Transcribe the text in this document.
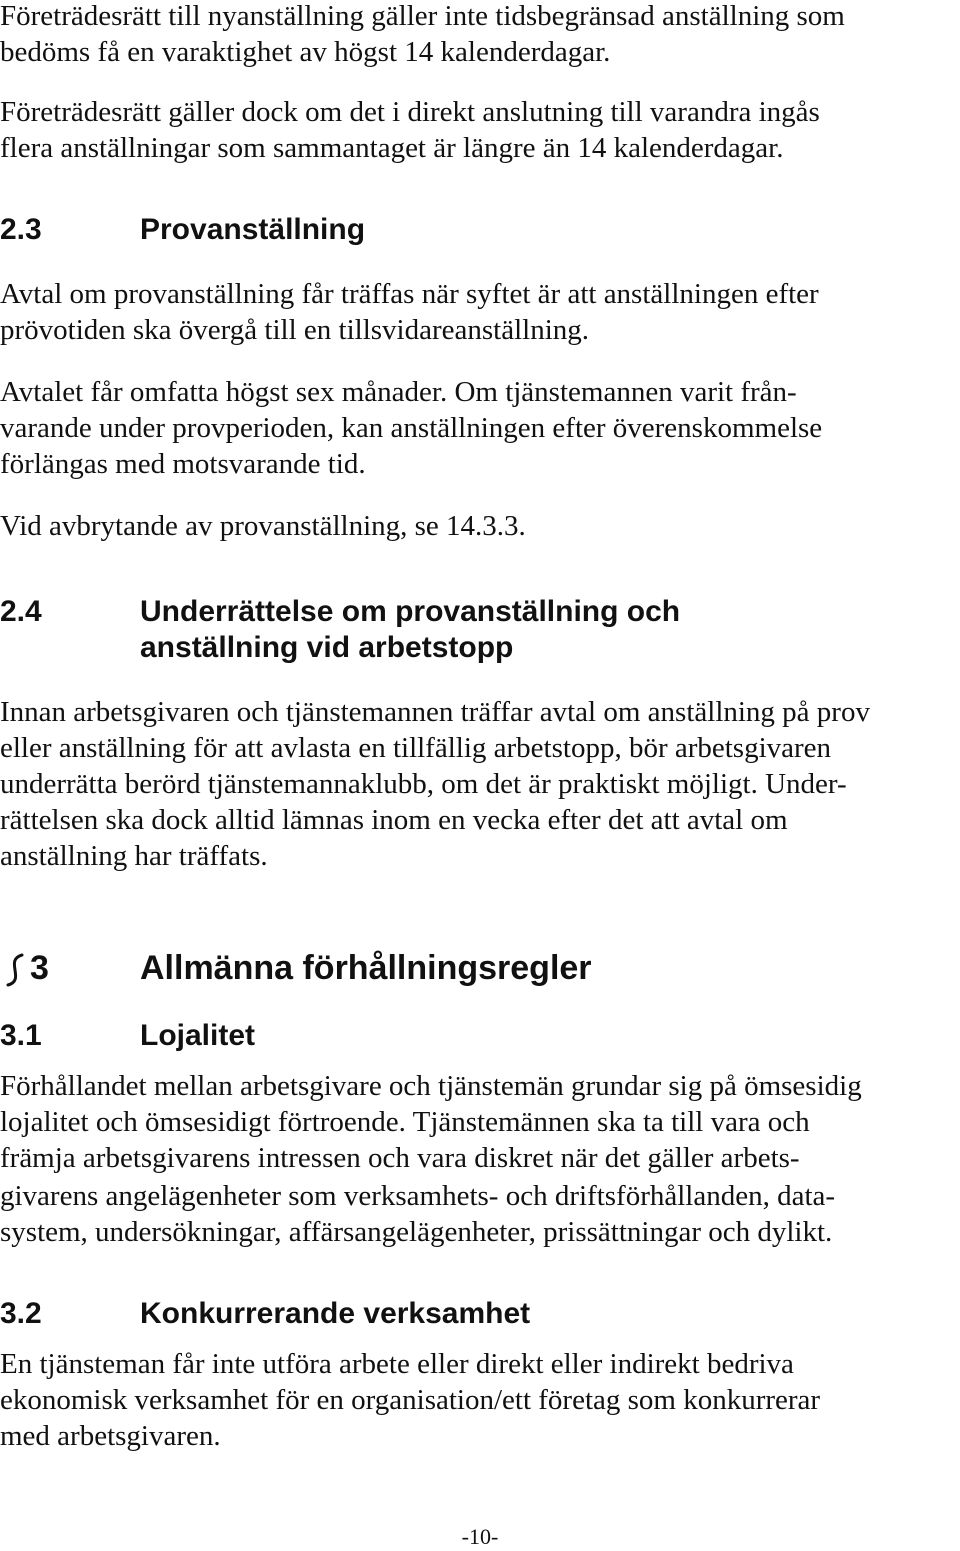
Företrädesrätt till nyanställning gäller inte tidsbegränsad anställning som
bedöms få en varaktighet av högst 14 kalenderdagar.
Företrädesrätt gäller dock om det i direkt anslutning till varandra ingås
flera anställningar som sammantaget är längre än 14 kalenderdagar.
2.3	Provanställning
Avtal om provanställning får träffas när syftet är att anställningen efter
prövotiden ska övergå till en tillsvidareanställning.
Avtalet får omfatta högst sex månader. Om tjänstemannen varit från-
varande under provperioden, kan anställningen efter överenskommelse
förlängas med motsvarande tid.
Vid avbrytande av provanställning, se 14.3.3.
2.4	Underrättelse om provanställning och
anställning vid arbetstopp
Innan arbetsgivaren och tjänstemannen träffar avtal om anställning på prov
eller anställning för att avlasta en tillfällig arbetstopp, bör arbetsgivaren
underrätta berörd tjänstemannaklubb, om det är praktiskt möjligt. Under-
rättelsen ska dock alltid lämnas inom en vecka efter det att avtal om
anställning har träffats.
3	Allmänna förhållningsregler
3.1	Lojalitet
Förhållandet mellan arbetsgivare och tjänstemän grundar sig på ömsesidig
lojalitet och ömsesidigt förtroende. Tjänstemännen ska ta till vara och
främja arbetsgivarens intressen och vara diskret när det gäller arbets-
givarens angelägenheter som verksamhets- och driftsförhållanden, data-
system, undersökningar, affärsangelägenheter, prissättningar och dylikt.
3.2	Konkurrerande verksamhet
En tjänsteman får inte utföra arbete eller direkt eller indirekt bedriva
ekonomisk verksamhet för en organisation/ett företag som konkurrerar
med arbetsgivaren.
-10-
